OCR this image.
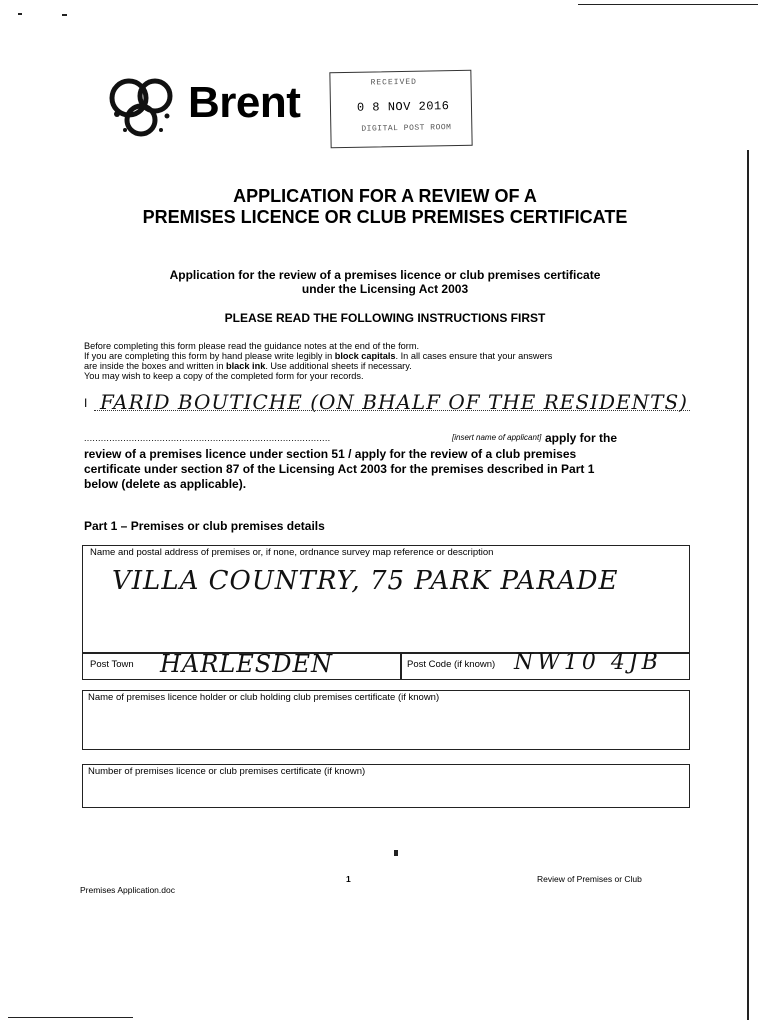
Brent	RECEIVED
0 8 NOV 2016
DIGITAL POST ROOM
APPLICATION FOR A REVIEW OF A
PREMISES LICENCE OR CLUB PREMISES CERTIFICATE
Application for the review of a premises licence or club premises certificate
under the Licensing Act 2003
PLEASE READ THE FOLLOWING INSTRUCTIONS FIRST
Before completing this form please read the guidance notes at the end of the form.
If you are completing this form by hand please write legibly in block capitals. In all cases ensure that your answers
are inside the boxes and written in black ink. Use additional sheets if necessary.
You may wish to keep a copy of the completed form for your records.
I FARID BOUTICHE (ON BHALF OF THE RESIDENTS)
........................................................................................	[insert name of applicant] apply for the
review of a premises licence under section 51 / apply for the review of a club premises
certificate under section 87 of the Licensing Act 2003 for the premises described in Part 1
below (delete as applicable).
Part 1 – Premises or club premises details
Name and postal address of premises or, if none, ordnance survey map reference or description
VILLA COUNTRY, 75 PARK PARADE
Post Town HARLESDEN	Post Code (if known) NW10 4JB
Name of premises licence holder or club holding club premises certificate (if known)
Number of premises licence or club premises certificate (if known)
1
Premises Application.doc
Review of Premises or Club
